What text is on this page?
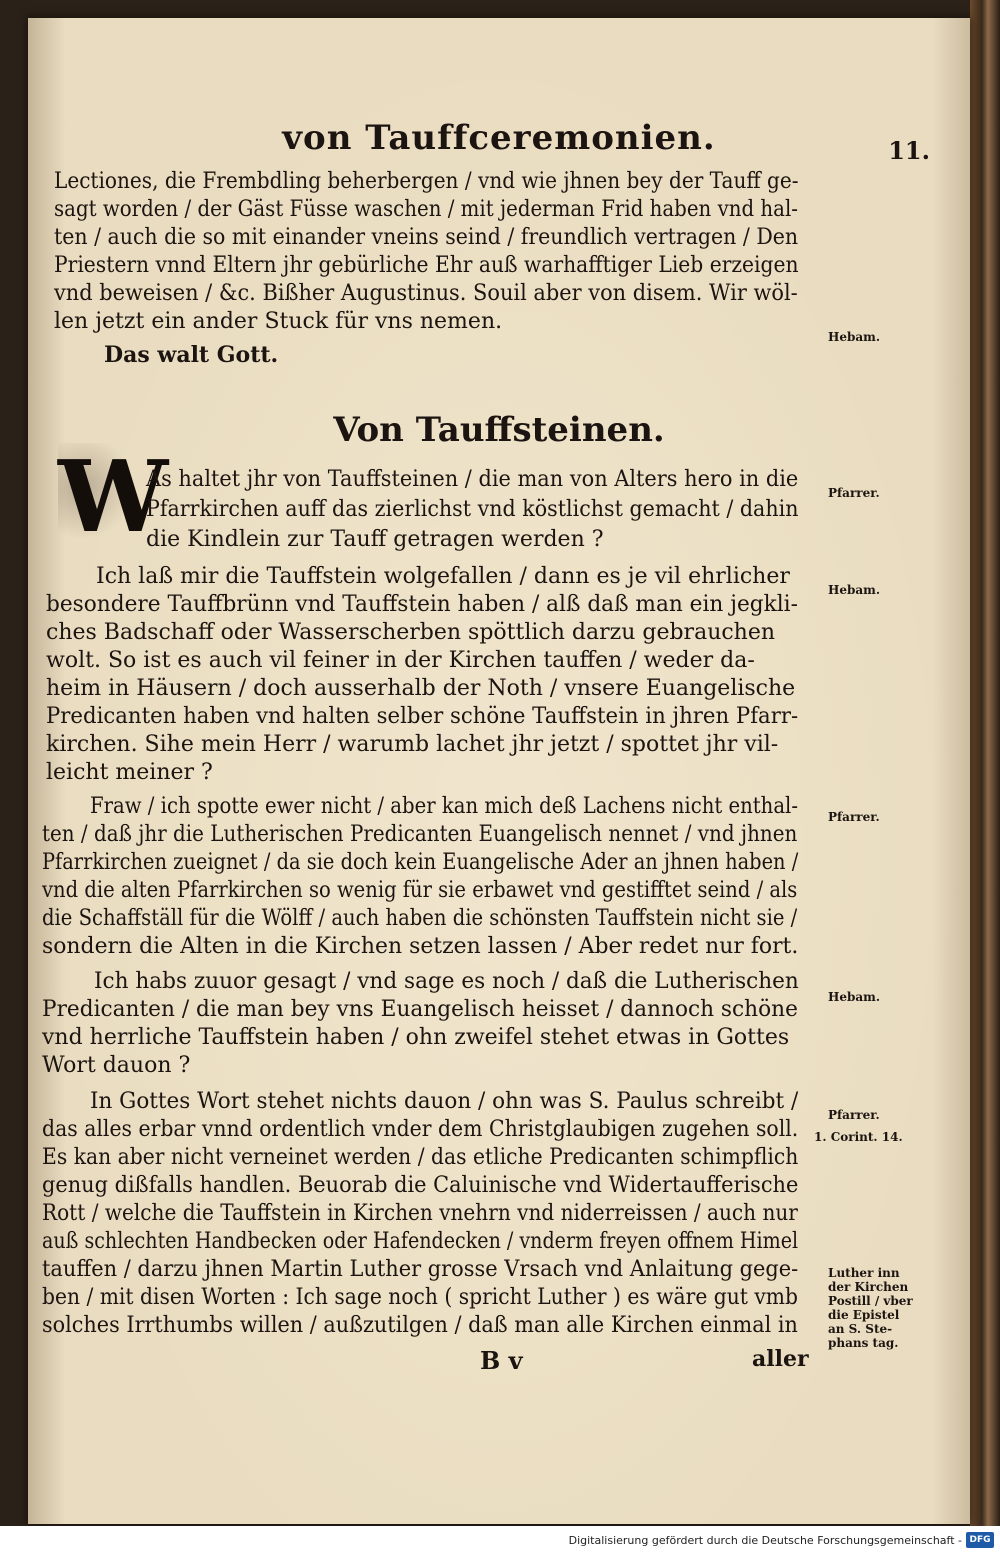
von Tauffceremonien.	11.
Lectiones, die Frembdling beherbergen / vnd wie jhnen bey der Tauff ge-
sagt worden / der Gäst Füsse waschen / mit jederman Frid haben vnd hal-
ten / auch die so mit einander vneins seind / freundlich vertragen / Den
Priestern vnnd Eltern jhr gebürliche Ehr auß warhafftiger Lieb erzeigen
vnd beweisen / &c. Bißher Augustinus. Souil aber von disem. Wir wöl-
len jetzt ein ander Stuck für vns nemen.
Das walt Gott.
Von Tauffsteinen.
W
As haltet jhr von Tauffsteinen / die man von Alters hero in die
Pfarrkirchen auff das zierlichst vnd köstlichst gemacht / dahin
die Kindlein zur Tauff getragen werden ?
Ich laß mir die Tauffstein wolgefallen / dann es je vil ehrlicher
besondere Tauffbrünn vnd Tauffstein haben / alß daß man ein jegkli-
ches Badschaff oder Wasserscherben spöttlich darzu gebrauchen
wolt. So ist es auch vil feiner in der Kirchen tauffen / weder da-
heim in Häusern / doch ausserhalb der Noth / vnsere Euangelische
Predicanten haben vnd halten selber schöne Tauffstein in jhren Pfarr-
kirchen. Sihe mein Herr / warumb lachet jhr jetzt / spottet jhr vil-
leicht meiner ?
Fraw / ich spotte ewer nicht / aber kan mich deß Lachens nicht enthal-
ten / daß jhr die Lutherischen Predicanten Euangelisch nennet / vnd jhnen
Pfarrkirchen zueignet / da sie doch kein Euangelische Ader an jhnen haben /
vnd die alten Pfarrkirchen so wenig für sie erbawet vnd gestifftet seind / als
die Schaffställ für die Wölff / auch haben die schönsten Tauffstein nicht sie /
sondern die Alten in die Kirchen setzen lassen / Aber redet nur fort.
Ich habs zuuor gesagt / vnd sage es noch / daß die Lutherischen
Predicanten / die man bey vns Euangelisch heisset / dannoch schöne
vnd herrliche Tauffstein haben / ohn zweifel stehet etwas in Gottes
Wort dauon ?
In Gottes Wort stehet nichts dauon / ohn was S. Paulus schreibt /
das alles erbar vnnd ordentlich vnder dem Christglaubigen zugehen soll.
Es kan aber nicht verneinet werden / das etliche Predicanten schimpflich
genug dißfalls handlen. Beuorab die Caluinische vnd Widertaufferische
Rott / welche die Tauffstein in Kirchen vnehrn vnd niderreissen / auch nur
auß schlechten Handbecken oder Hafendecken / vnderm freyen offnem Himel
tauffen / darzu jhnen Martin Luther grosse Vrsach vnd Anlaitung gege-
ben / mit disen Worten : Ich sage noch ( spricht Luther ) es wäre gut vmb
solches Irrthumbs willen / außzutilgen / daß man alle Kirchen einmal in
B v	aller
Hebam.
Pfarrer.
Hebam.
Pfarrer.
Hebam.
Pfarrer.
1. Corint. 14.
Luther inn
der Kirchen
Postill / vber
die Epistel
an S. Ste-
phans tag.
Digitalisierung gefördert durch die Deutsche Forschungsgemeinschaft - DFG
